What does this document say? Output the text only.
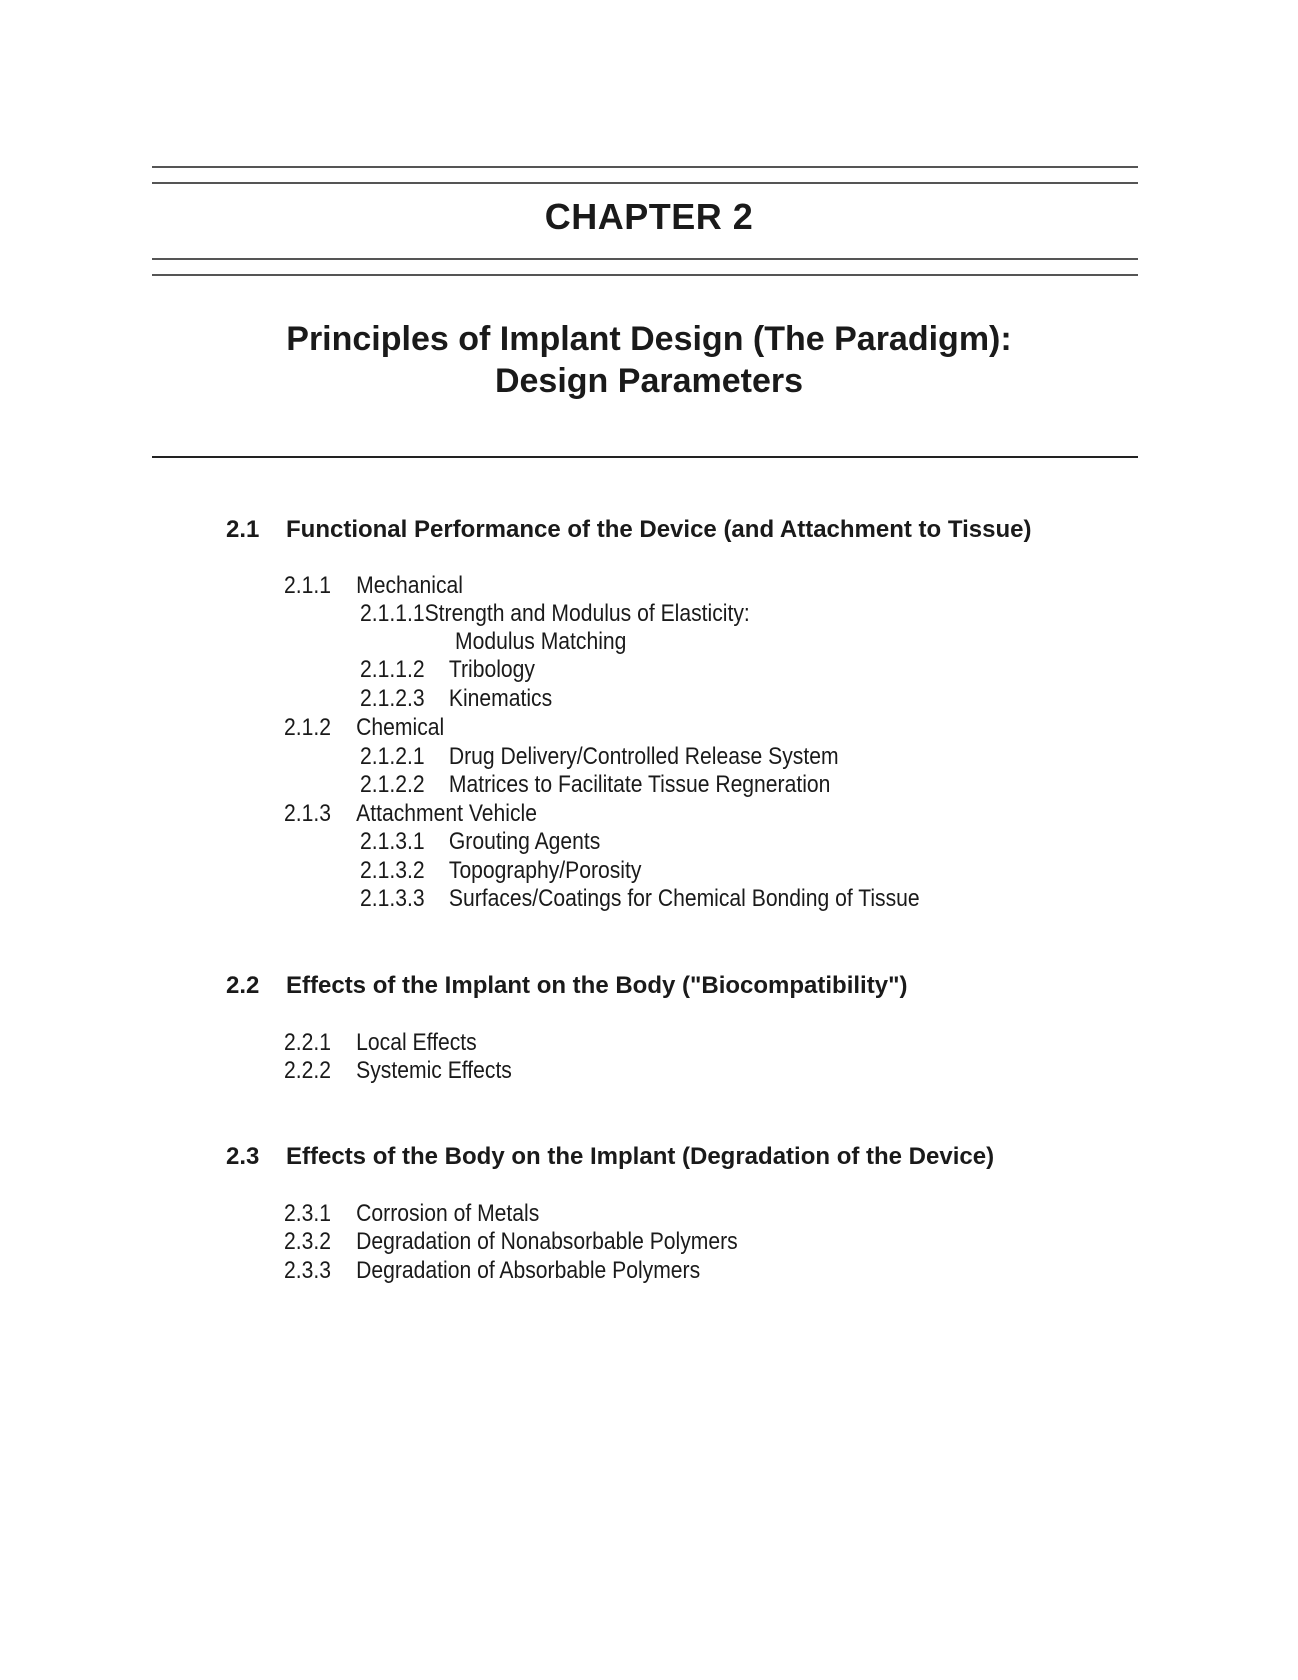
CHAPTER 2
Principles of Implant Design (The Paradigm):
Design Parameters
2.1 Functional Performance of the Device (and Attachment to Tissue)
2.1.1 Mechanical
2.1.1.1Strength and Modulus of Elasticity:
Modulus Matching
2.1.1.2 Tribology
2.1.2.3 Kinematics
2.1.2 Chemical
2.1.2.1 Drug Delivery/Controlled Release System
2.1.2.2 Matrices to Facilitate Tissue Regneration
2.1.3 Attachment Vehicle
2.1.3.1 Grouting Agents
2.1.3.2 Topography/Porosity
2.1.3.3 Surfaces/Coatings for Chemical Bonding of Tissue
2.2 Effects of the Implant on the Body ("Biocompatibility")
2.2.1 Local Effects
2.2.2 Systemic Effects
2.3 Effects of the Body on the Implant (Degradation of the Device)
2.3.1 Corrosion of Metals
2.3.2 Degradation of Nonabsorbable Polymers
2.3.3 Degradation of Absorbable Polymers
